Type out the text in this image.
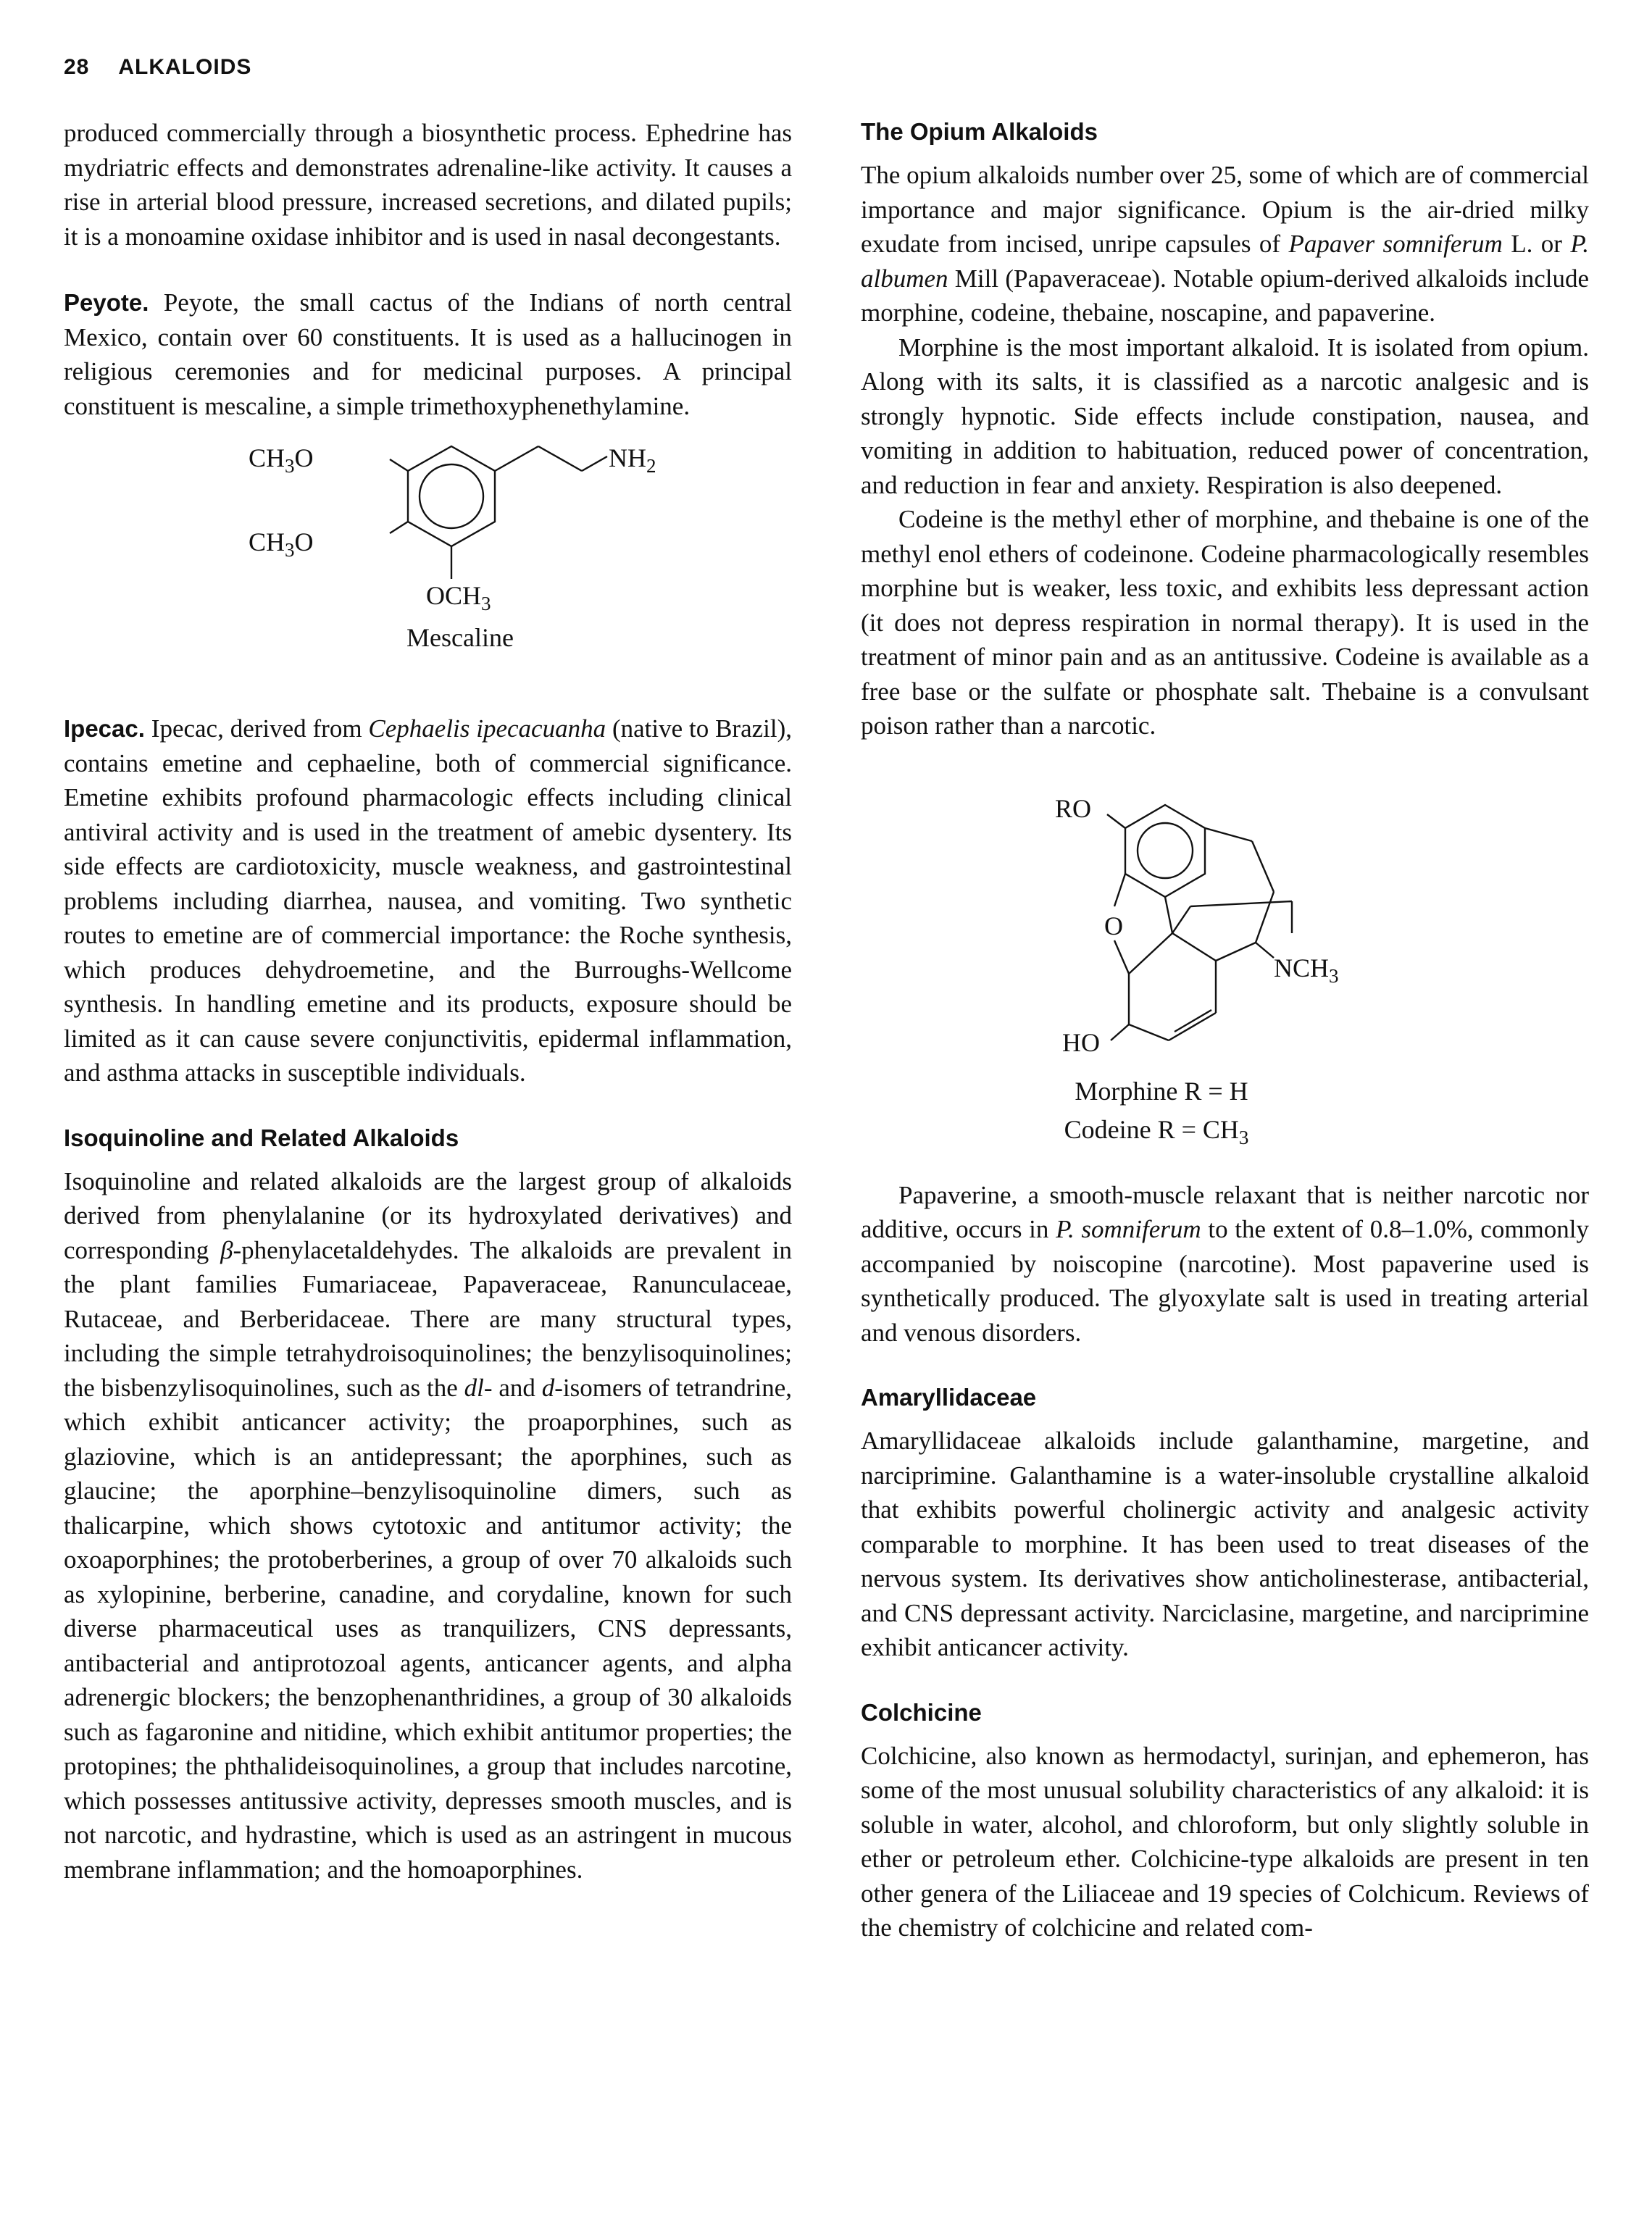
28 ALKALOIDS

produced commercially through a biosynthetic process. Ephedrine has mydriatric effects and demonstrates adrenaline-like activity. It causes a rise in arterial blood pressure, increased secretions, and dilated pupils; it is a monoamine oxidase inhibitor and is used in nasal decongestants.

Peyote. Peyote, the small cactus of the Indians of north central Mexico, contain over 60 constituents. It is used as a hallucinogen in religious ceremonies and for medicinal purposes. A principal constituent is mescaline, a simple trimethoxyphenethylamine.

$CH_3O$
$CH_3O$
$NH_2$
$OCH_3$
Mescaline

Ipecac. Ipecac, derived from Cephaelis ipecacuanha (native to Brazil), contains emetine and cephaeline, both of commercial significance. Emetine exhibits profound pharmacologic effects including clinical antiviral activity and is used in the treatment of amebic dysentery. Its side effects are cardiotoxicity, muscle weakness, and gastrointestinal problems including diarrhea, nausea, and vomiting. Two synthetic routes to emetine are of commercial importance: the Roche synthesis, which produces dehydroemetine, and the Burroughs-Wellcome synthesis. In handling emetine and its products, exposure should be limited as it can cause severe conjunctivitis, epidermal inflammation, and asthma attacks in susceptible individuals.

Isoquinoline and Related Alkaloids

Isoquinoline and related alkaloids are the largest group of alkaloids derived from phenylalanine (or its hydroxylated derivatives) and corresponding β-phenylacetaldehydes. The alkaloids are prevalent in the plant families Fumariaceae, Papaveraceae, Ranunculaceae, Rutaceae, and Berberidaceae. There are many structural types, including the simple tetrahydroisoquinolines; the benzylisoquinolines; the bisbenzylisoquinolines, such as the dl- and d-isomers of tetrandrine, which exhibit anticancer activity; the proaporphines, such as glaziovine, which is an antidepressant; the aporphines, such as glaucine; the aporphine–benzylisoquinoline dimers, such as thalicarpine, which shows cytotoxic and antitumor activity; the oxoaporphines; the protoberberines, a group of over 70 alkaloids such as xylopinine, berberine, canadine, and corydaline, known for such diverse pharmaceutical uses as tranquilizers, CNS depressants, antibacterial and antiprotozoal agents, anticancer agents, and alpha adrenergic blockers; the benzophenanthridines, a group of 30 alkaloids such as fagaronine and nitidine, which exhibit antitumor properties; the protopines; the phthalideisoquinolines, a group that includes narcotine, which possesses antitussive activity, depresses smooth muscles, and is not narcotic, and hydrastine, which is used as an astringent in mucous membrane inflammation; and the homoaporphines.

The Opium Alkaloids

The opium alkaloids number over 25, some of which are of commercial importance and major significance. Opium is the air-dried milky exudate from incised, unripe capsules of Papaver somniferum L. or P. albumen Mill (Papaveraceae). Notable opium-derived alkaloids include morphine, codeine, thebaine, noscapine, and papaverine.

Morphine is the most important alkaloid. It is isolated from opium. Along with its salts, it is classified as a narcotic analgesic and is strongly hypnotic. Side effects include constipation, nausea, and vomiting in addition to habituation, reduced power of concentration, and reduction in fear and anxiety. Respiration is also deepened.

Codeine is the methyl ether of morphine, and thebaine is one of the methyl enol ethers of codeinone. Codeine pharmacologically resembles morphine but is weaker, less toxic, and exhibits less depressant action (it does not depress respiration in normal therapy). It is used in the treatment of minor pain and as an antitussive. Codeine is available as a free base or the sulfate or phosphate salt. Thebaine is a convulsant poison rather than a narcotic.

RO
O
$NCH_3$
HO
Morphine R = H
Codeine $R = CH_3$

Papaverine, a smooth-muscle relaxant that is neither narcotic nor additive, occurs in P. somniferum to the extent of 0.8–1.0%, commonly accompanied by noiscopine (narcotine). Most papaverine used is synthetically produced. The glyoxylate salt is used in treating arterial and venous disorders.

Amaryllidaceae

Amaryllidaceae alkaloids include galanthamine, margetine, and narciprimine. Galanthamine is a water-insoluble crystalline alkaloid that exhibits powerful cholinergic activity and analgesic activity comparable to morphine. It has been used to treat diseases of the nervous system. Its derivatives show anticholinesterase, antibacterial, and CNS depressant activity. Narciclasine, margetine, and narciprimine exhibit anticancer activity.

Colchicine

Colchicine, also known as hermodactyl, surinjan, and ephemeron, has some of the most unusual solubility characteristics of any alkaloid: it is soluble in water, alcohol, and chloroform, but only slightly soluble in ether or petroleum ether. Colchicine-type alkaloids are present in ten other genera of the Liliaceae and 19 species of Colchicum. Reviews of the chemistry of colchicine and related com-
